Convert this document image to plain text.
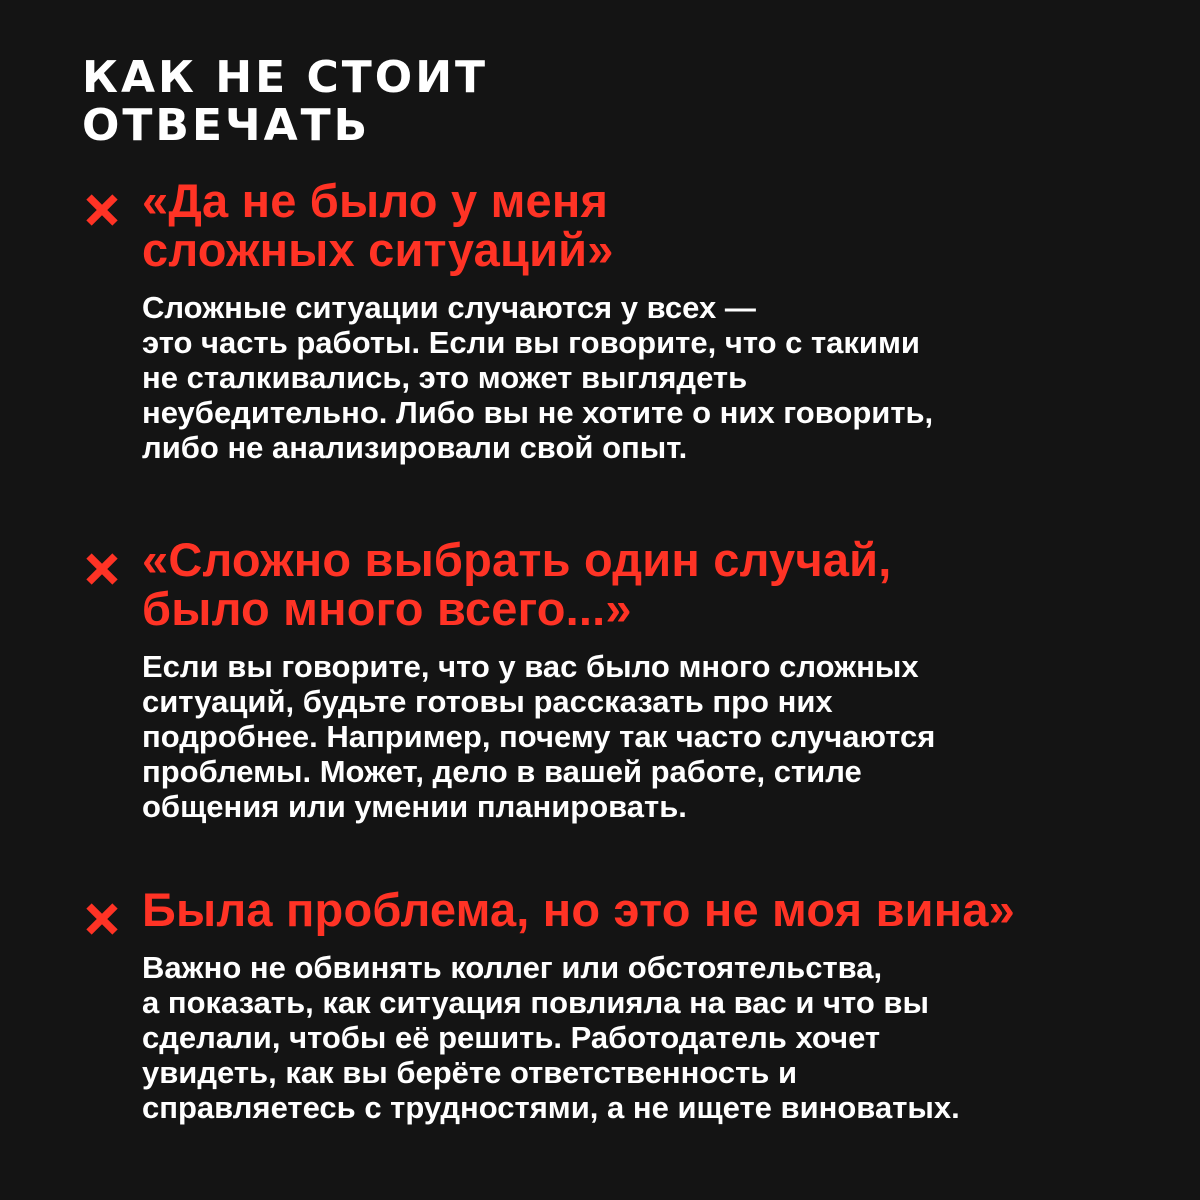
КАК НЕ СТОИТ
ОТВЕЧАТЬ
«Да не было у меня
сложных ситуаций»

Сложные ситуации случаются у всех —
это часть работы. Если вы говорите, что с такими
не сталкивались, это может выглядеть
неубедительно. Либо вы не хотите о них говорить,
либо не анализировали свой опыт.

«Сложно выбрать один случай,
было много всего...»

Если вы говорите, что у вас было много сложных
ситуаций, будьте готовы рассказать про них
подробнее. Например, почему так часто случаются
проблемы. Может, дело в вашей работе, стиле
общения или умении планировать.

Была проблема, но это не моя вина»

Важно не обвинять коллег или обстоятельства,
а показать, как ситуация повлияла на вас и что вы
сделали, чтобы её решить. Работодатель хочет
увидеть, как вы берёте ответственность и
справляетесь с трудностями, а не ищете виноватых.
